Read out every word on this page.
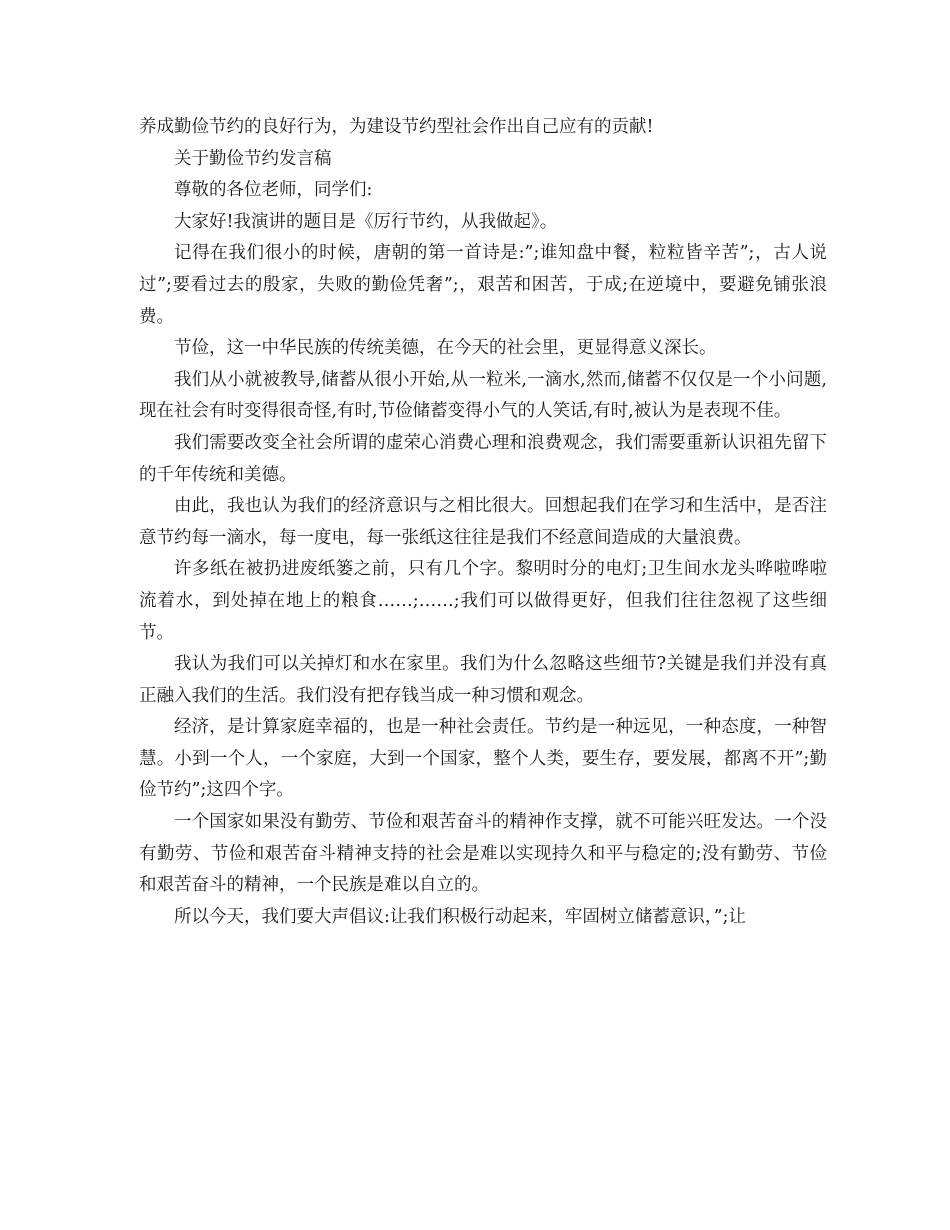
养成勤俭节约的良好行为，为建设节约型社会作出自己应有的贡献!

关于勤俭节约发言稿

尊敬的各位老师，同学们:

大家好!我演讲的题目是《厉行节约，从我做起》。

记得在我们很小的时候，唐朝的第一首诗是:”;谁知盘中餐，粒粒皆辛苦”;，古人说过”;要看过去的殷家，失败的勤俭凭奢”;，艰苦和困苦，于成;在逆境中，要避免铺张浪费。

节俭，这一中华民族的传统美德，在今天的社会里，更显得意义深长。

我们从小就被教导,储蓄从很小开始,从一粒米,一滴水,然而,储蓄不仅仅是一个小问题,现在社会有时变得很奇怪,有时,节俭储蓄变得小气的人笑话,有时,被认为是表现不佳。

我们需要改变全社会所谓的虚荣心消费心理和浪费观念，我们需要重新认识祖先留下的千年传统和美德。

由此，我也认为我们的经济意识与之相比很大。回想起我们在学习和生活中，是否注意节约每一滴水，每一度电，每一张纸这往往是我们不经意间造成的大量浪费。

许多纸在被扔进废纸篓之前，只有几个字。黎明时分的电灯;卫生间水龙头哗啦哗啦流着水，到处掉在地上的粮食……;……;我们可以做得更好，但我们往往忽视了这些细节。

我认为我们可以关掉灯和水在家里。我们为什么忽略这些细节?关键是我们并没有真正融入我们的生活。我们没有把存钱当成一种习惯和观念。

经济，是计算家庭幸福的，也是一种社会责任。节约是一种远见，一种态度，一种智慧。小到一个人，一个家庭，大到一个国家，整个人类，要生存，要发展，都离不开”;勤俭节约”;这四个字。

一个国家如果没有勤劳、节俭和艰苦奋斗的精神作支撑，就不可能兴旺发达。一个没有勤劳、节俭和艰苦奋斗精神支持的社会是难以实现持久和平与稳定的;没有勤劳、节俭和艰苦奋斗的精神，一个民族是难以自立的。

所以今天，我们要大声倡议:让我们积极行动起来，牢固树立储蓄意识，”;让
